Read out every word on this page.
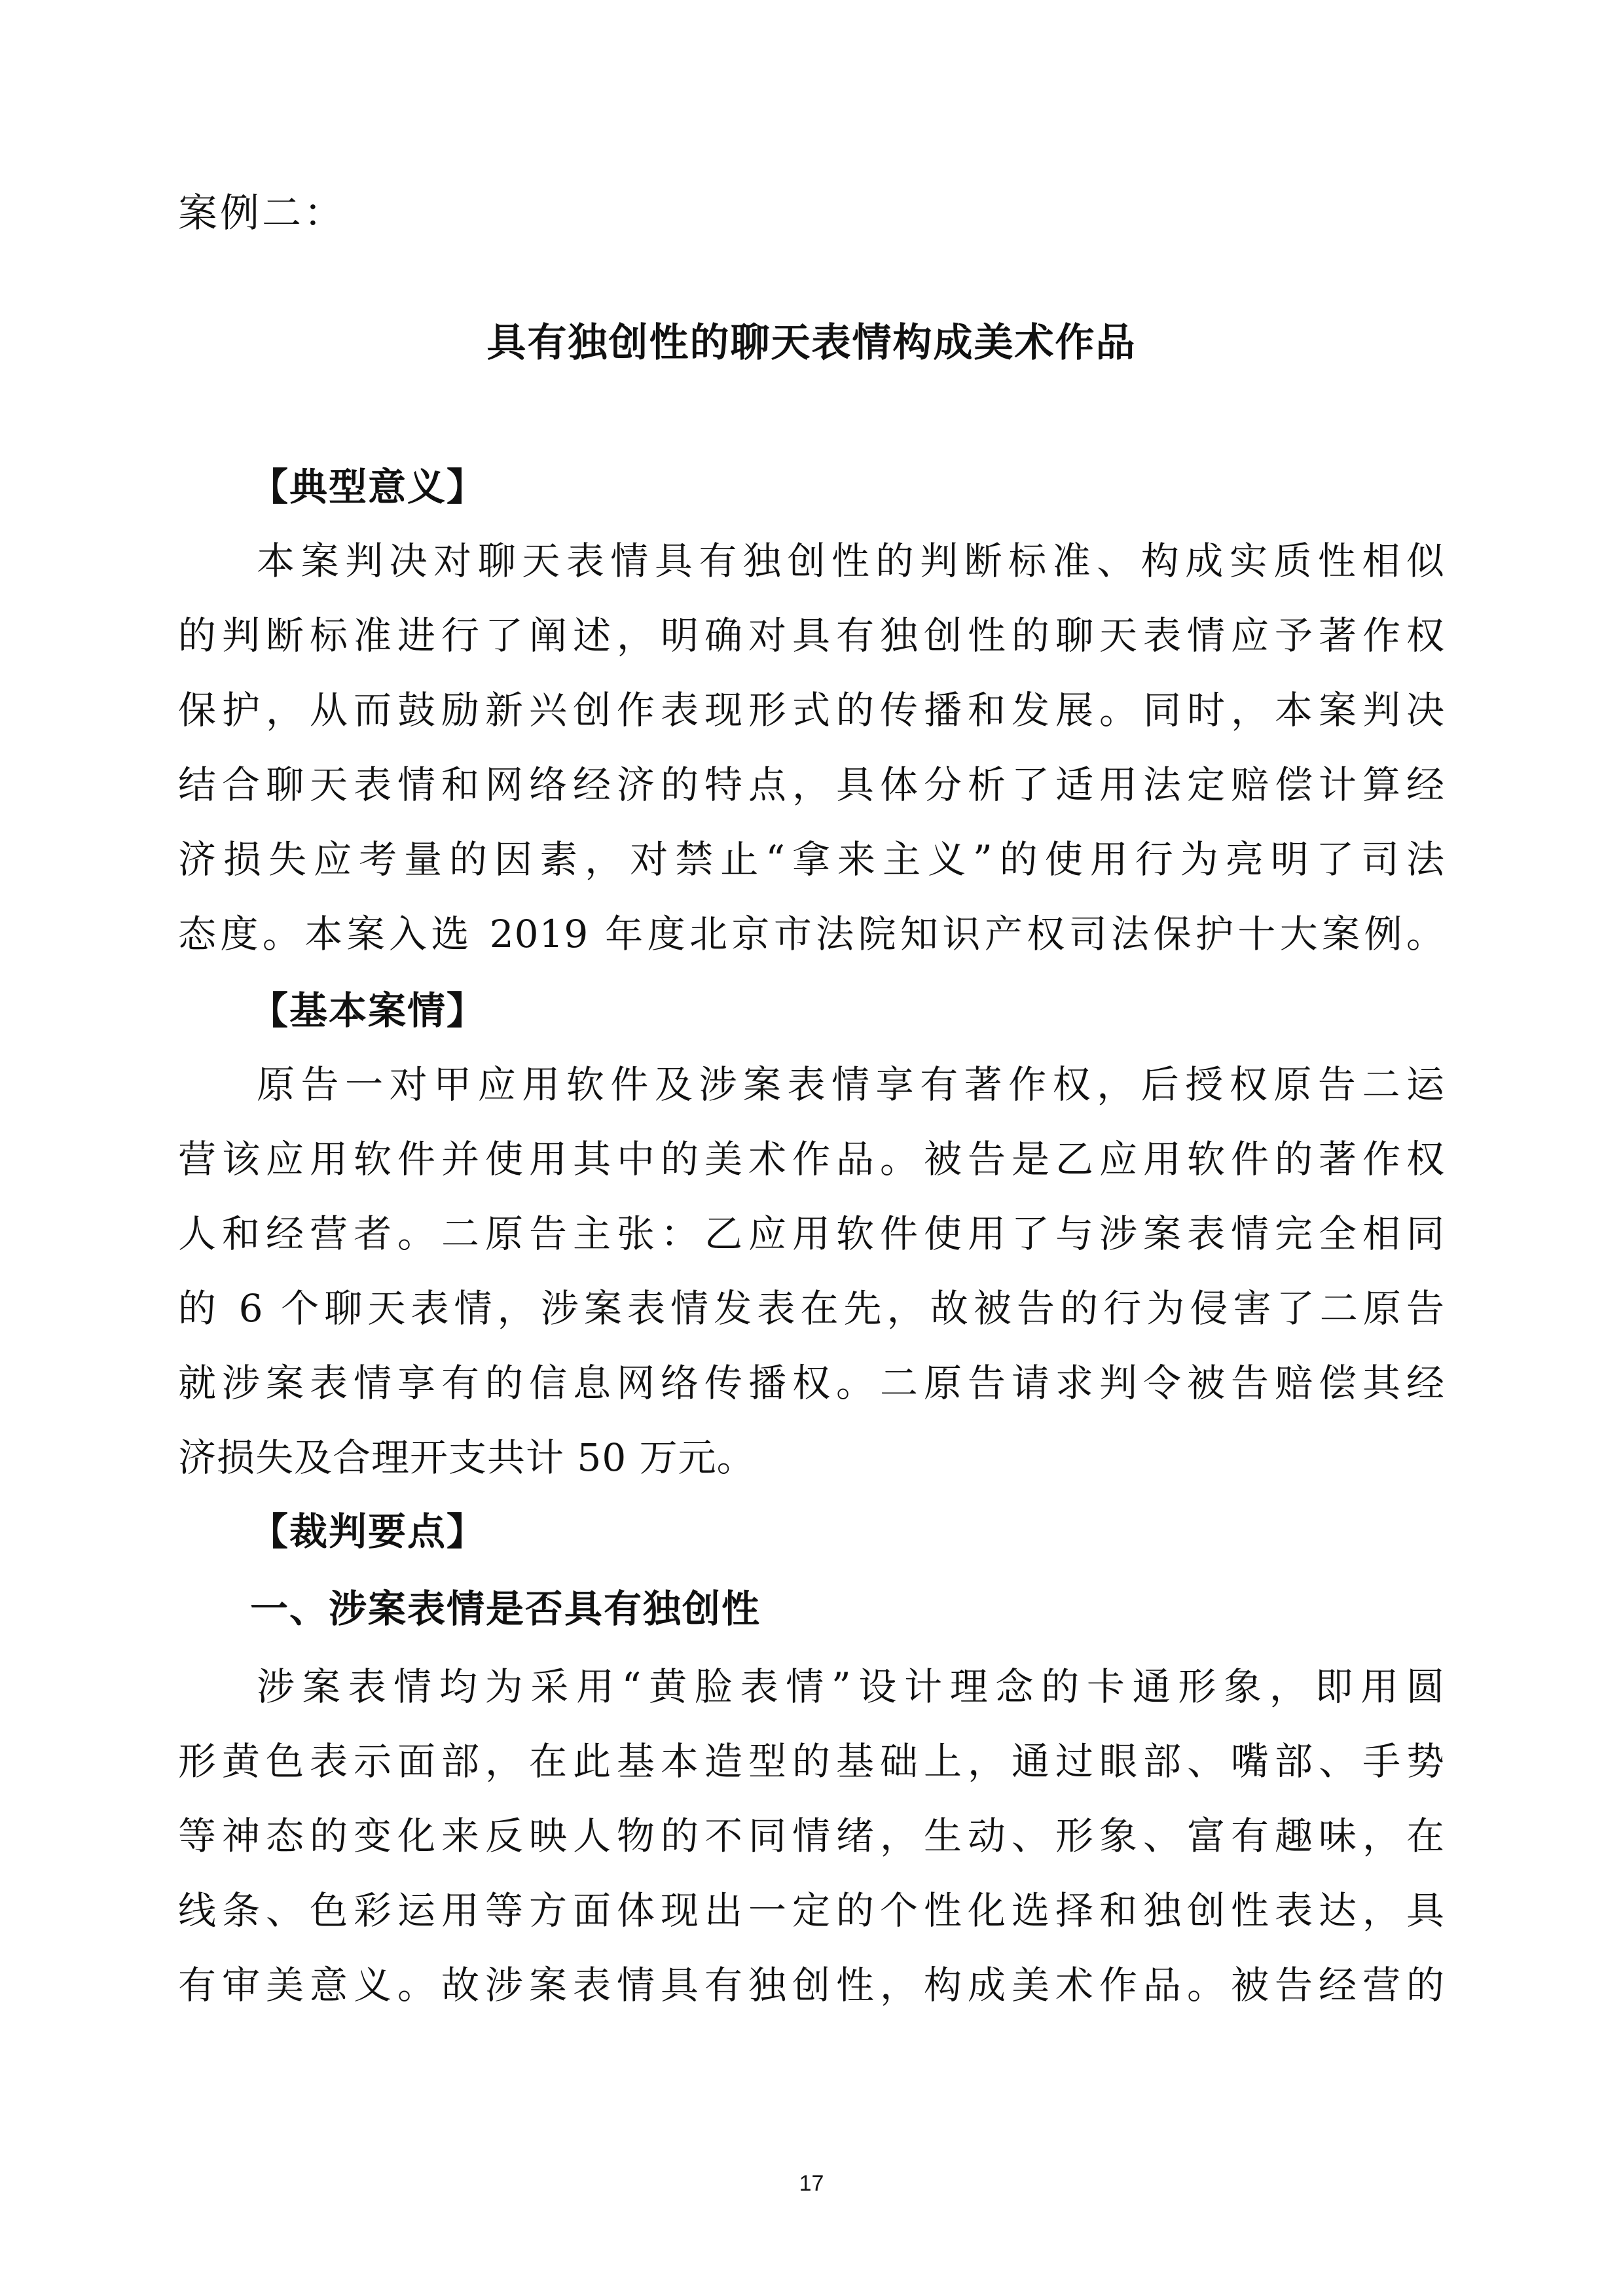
案例二：
具有独创性的聊天表情构成美术作品
【典型意义】
本案判决对聊天表情具有独创性的判断标准、构成实质性相似
的判断标准进行了阐述，明确对具有独创性的聊天表情应予著作权
保护，从而鼓励新兴创作表现形式的传播和发展。同时，本案判决
结合聊天表情和网络经济的特点，具体分析了适用法定赔偿计算经
济损失应考量的因素，对禁止“拿来主义”的使用行为亮明了司法
态度。本案入选 2019 年度北京市法院知识产权司法保护十大案例。
【基本案情】
原告一对甲应用软件及涉案表情享有著作权，后授权原告二运
营该应用软件并使用其中的美术作品。被告是乙应用软件的著作权
人和经营者。二原告主张：乙应用软件使用了与涉案表情完全相同
的 6 个聊天表情，涉案表情发表在先，故被告的行为侵害了二原告
就涉案表情享有的信息网络传播权。二原告请求判令被告赔偿其经
济损失及合理开支共计 50 万元。
【裁判要点】
一、涉案表情是否具有独创性
涉案表情均为采用“黄脸表情”设计理念的卡通形象，即用圆
形黄色表示面部，在此基本造型的基础上，通过眼部、嘴部、手势
等神态的变化来反映人物的不同情绪，生动、形象、富有趣味，在
线条、色彩运用等方面体现出一定的个性化选择和独创性表达，具
有审美意义。故涉案表情具有独创性，构成美术作品。被告经营的
17
